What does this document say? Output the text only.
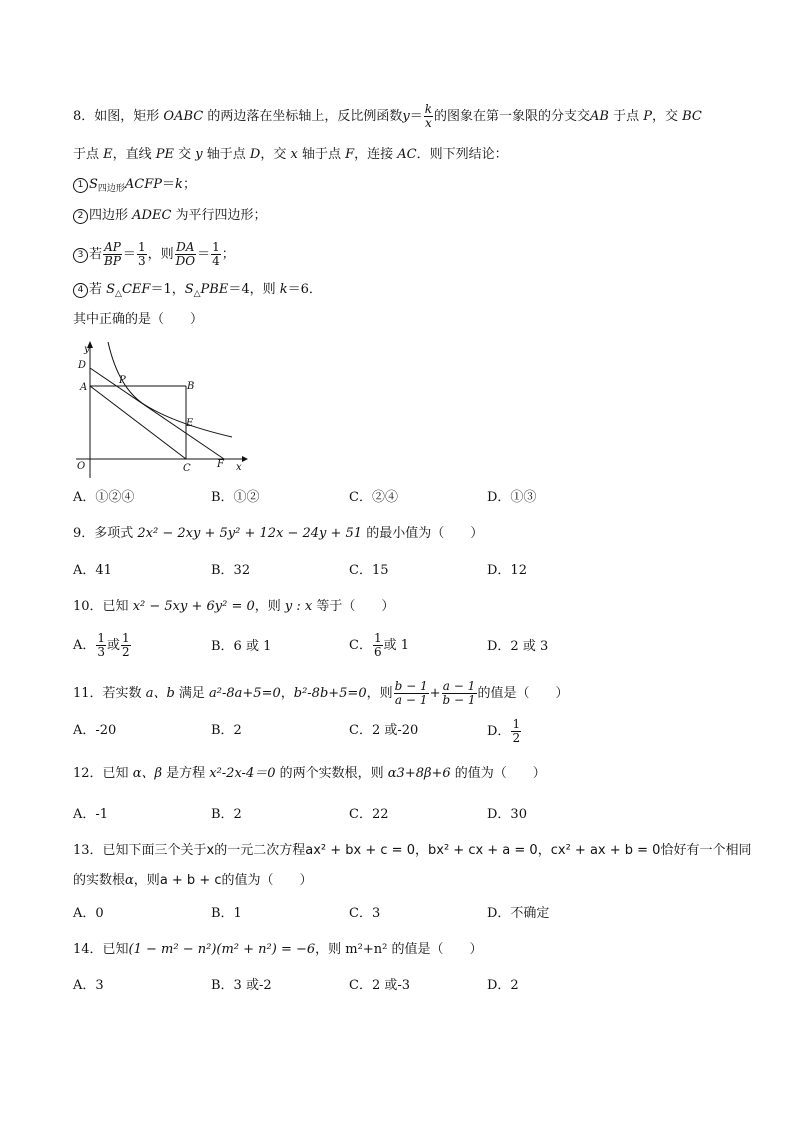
8．如图，矩形 OABC 的两边落在坐标轴上，反比例函数$y= \frac{k}{x}$ 的图象在第一象限的分支交AB 于点 P，交 BC
于点 E，直线 PE 交 y 轴于点 D，交 x 轴于点 F，连接 AC．则下列结论：
1 $S_{四边形}ACFP=k$；
2 四边形 ADEC 为平行四边形；
3 若 $\frac{AP}{BP} = \frac{1}{3}$ ，则 $\frac{DA}{DO} = \frac{1}{4}$ ；
4 若 $S_\triangle CEF=1$，$S_\triangle PBE=4$，则 k＝6．
其中正确的是（　　）
y
D
A
P
B
E
O	C	F x
A．①②④	B．①②	C．②④	D．①③
9．多项式 2x² − 2xy + 5y² + 12x − 24y + 51 的最小值为（　　）
A．41	B．32	C．15	D．12
10．已知 x² − 5xy + 6y² = 0，则 y : x 等于（　　）
A． $\frac{1}{3}$ 或 $\frac{1}{2}$	B．6 或 1	C． $\frac{1}{6}$ 或 1	D．2 或 3
11．若实数 a、b 满足 a²-8a+5=0，b²-8b+5=0，则 $\frac{b - 1}{a - 1} + \frac{a - 1}{b - 1}$ 的值是（　　）
A．-20	B．2	C．2 或-20	D． $\frac{1}{2}$
12．已知 α、β 是方程 x²-2x-4＝0 的两个实数根，则 α3+8β+6 的值为（　　）
A．-1	B．2	C．22	D．30
13．已知下面三个关于x的一元二次方程ax² + bx + c = 0，bx² + cx + a = 0，cx² + ax + b = 0恰好有一个相同
的实数根α，则a + b + c的值为（　　）
A．0	B．1	C．3	D．不确定
14．已知(1 − m² − n²)(m² + n²) = −6，则 m²+n² 的值是（　　）
A．3	B．3 或-2	C．2 或-3	D．2
